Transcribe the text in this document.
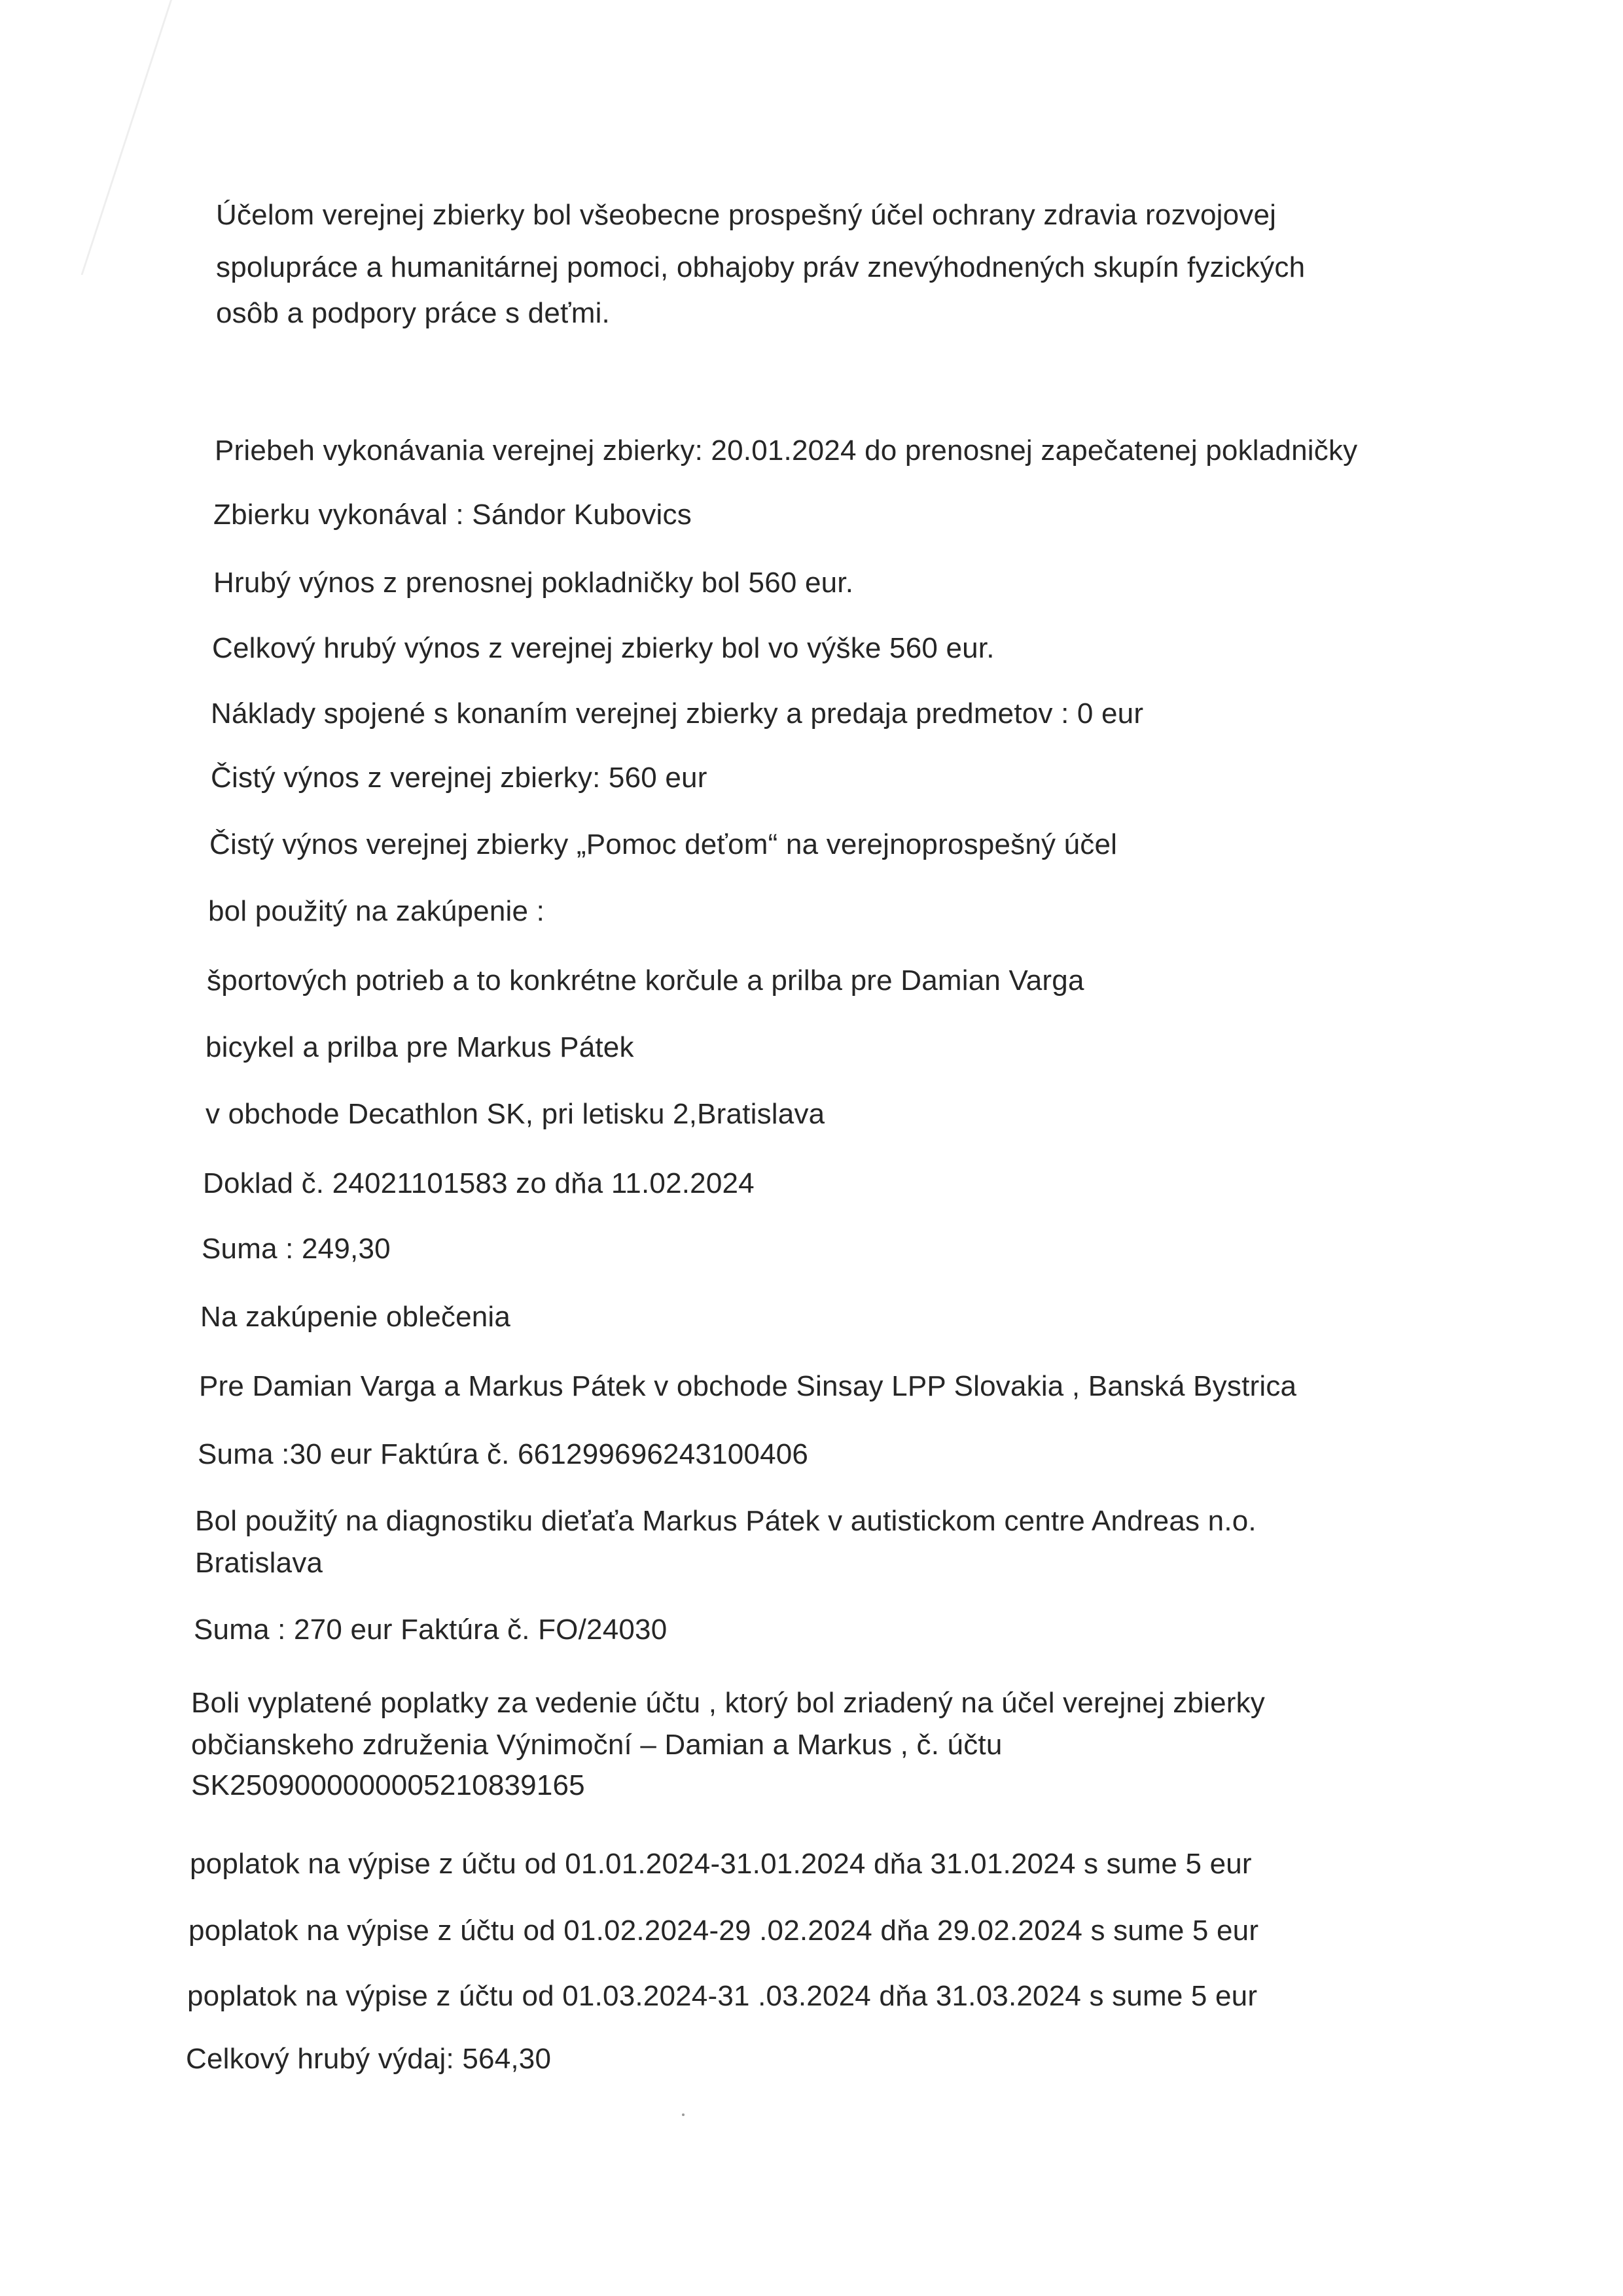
Účelom verejnej zbierky bol všeobecne prospešný účel ochrany zdravia rozvojovej
spolupráce a humanitárnej pomoci, obhajoby práv znevýhodnených skupín fyzických
osôb a podpory práce s deťmi.
Priebeh vykonávania verejnej zbierky: 20.01.2024 do prenosnej zapečatenej pokladničky
Zbierku vykonával : Sándor Kubovics
Hrubý výnos z prenosnej pokladničky bol 560 eur.
Celkový hrubý výnos z verejnej zbierky bol vo výške 560 eur.
Náklady spojené s konaním verejnej zbierky a predaja predmetov : 0 eur
Čistý výnos z verejnej zbierky: 560 eur
Čistý výnos verejnej zbierky „Pomoc deťom“ na verejnoprospešný účel
bol použitý na zakúpenie :
športových potrieb a to konkrétne korčule a prilba pre Damian Varga
bicykel a prilba pre Markus Pátek
v obchode Decathlon SK, pri letisku 2,Bratislava
Doklad č. 24021101583 zo dňa 11.02.2024
Suma : 249,30
Na zakúpenie oblečenia
Pre Damian Varga a Markus Pátek v obchode Sinsay LPP Slovakia , Banská Bystrica
Suma :30 eur Faktúra č. 661299696243100406
Bol použitý na diagnostiku dieťaťa Markus Pátek v autistickom centre Andreas n.o.
Bratislava
Suma : 270 eur Faktúra č. FO/24030
Boli vyplatené poplatky za vedenie účtu , ktorý bol zriadený na účel verejnej zbierky
občianskeho združenia Výnimoční – Damian a Markus , č. účtu
SK2509000000005210839165
poplatok na výpise z účtu od 01.01.2024-31.01.2024 dňa 31.01.2024 s sume 5 eur
poplatok na výpise z účtu od 01.02.2024-29 .02.2024 dňa 29.02.2024 s sume 5 eur
poplatok na výpise z účtu od 01.03.2024-31 .03.2024 dňa 31.03.2024 s sume 5 eur
Celkový hrubý výdaj: 564,30
